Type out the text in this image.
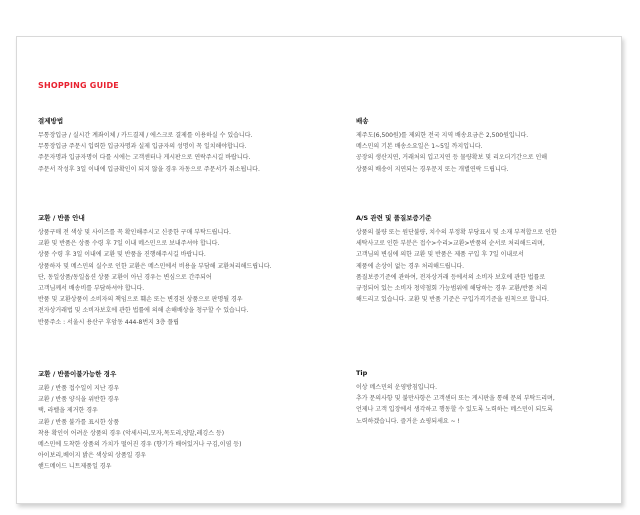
SHOPPING GUIDE
결제방법
무통장입금 / 실시간 계좌이체 / 카드결제 / 에스크로 결제를 이용하실 수 있습니다.
무통장입금 주문시 입력한 입금자명과 실제 입금자의 성명이 꼭 일치해야합니다.
주문자명과 입금자명이 다를 시에는 고객센터나 게시판으로 연락주시길 바랍니다.
주문서 작성후 3일 이내에 입금확인이 되지 않을 경우 자동으로 주문서가 취소됩니다.
배송
제주도(6,500원)를 제외한 전국 지역 배송요금은 2,500원입니다.
메스민의 기본 배송소요일은 1~5일 까지입니다.
공장의 생산지연, 거래처의 입고지연 등 물량확보 및 리오더기간으로 인해
상품의 배송이 지연되는 경우문지 또는 개별연락 드립니다.
교환 / 반품 안내
상품구매 전 색상 및 사이즈를 꼭 확인해주시고 신중한 구매 부탁드립니다.
교환 및 반품은 상품 수령 후 7일 이내 메스민으로 보내주셔야 합니다.
상품 수령 후 3일 이내에 교환 및 반품을 진행해주시길 바랍니다.
상품하자 및 메스민의 실수로 인한 교환은 메스민에서 비용을 부담해 교환처리해드립니다.
단, 동일상품/동일옵션 상품 교환이 아닌 경우는 변심으로 간주되어
고객님께서 배송비를 부담하셔야 합니다.
반품 및 교환상품이 소비자의 책임으로 훼손 또는 변경된 상품으로 판명될 경우
전자상거래법 및 소비자보호에 관한 법률에 의해 손해배상을 청구할 수 있습니다.
반품주소 : 서울시 용산구 후암동 444-8번지 3층 플립
A/S 관련 및 품질보증기준
상품의 불량 또는 원단불량, 치수의 부정확 부당표시 및 소재 부적합으로 인한
세탁사고로 인한 부분은 접수>수리>교환>반품의 순서로 처리해드리며,
고객님의 변심에 의한 교환 및 반품은 제품 구입 후 7일 이내로서
제품에 손상이 없는 경우 처리해드립니다.
품질보증기준에 관하여, 전자상거래 등에서의 소비자 보호에 관한 법률로
규정되어 있는 소비자 청약철회 가능범위에 해당하는 경우 교환/반품 처리
해드리고 있습니다. 교환 및 반품 기준은 구입가격기준을 원칙으로 합니다.
교환 / 반품이불가능한 경우
교환 / 반품 접수일이 지난 경우
교환 / 반품 양식을 위반한 경우
택, 라벨을 제거한 경우
교환 / 반품 불가를 표시한 상품
착용 확인이 어려운 상품의 경우 (악세사리,모자,목도리,양말,레깅스 등)
메스민에 도착한 상품의 가치가 떨어진 경우 (향기가 배어있거나 구김,이염 등)
아이보리,베이지 밝은 색상의 상품일 경우
핸드메이드 니트제품일 경우
Tip
이상 메스민의 운영방침입니다.
추가 문의사항 및 불만사항은 고객센터 또는 게시판을 통해 문의 부탁드리며,
언제나 고객 입장에서 생각하고 행동할 수 있도록 노력하는 메스민이 되도록
노력하겠습니다. 즐거운 쇼핑되세요 ~ !
